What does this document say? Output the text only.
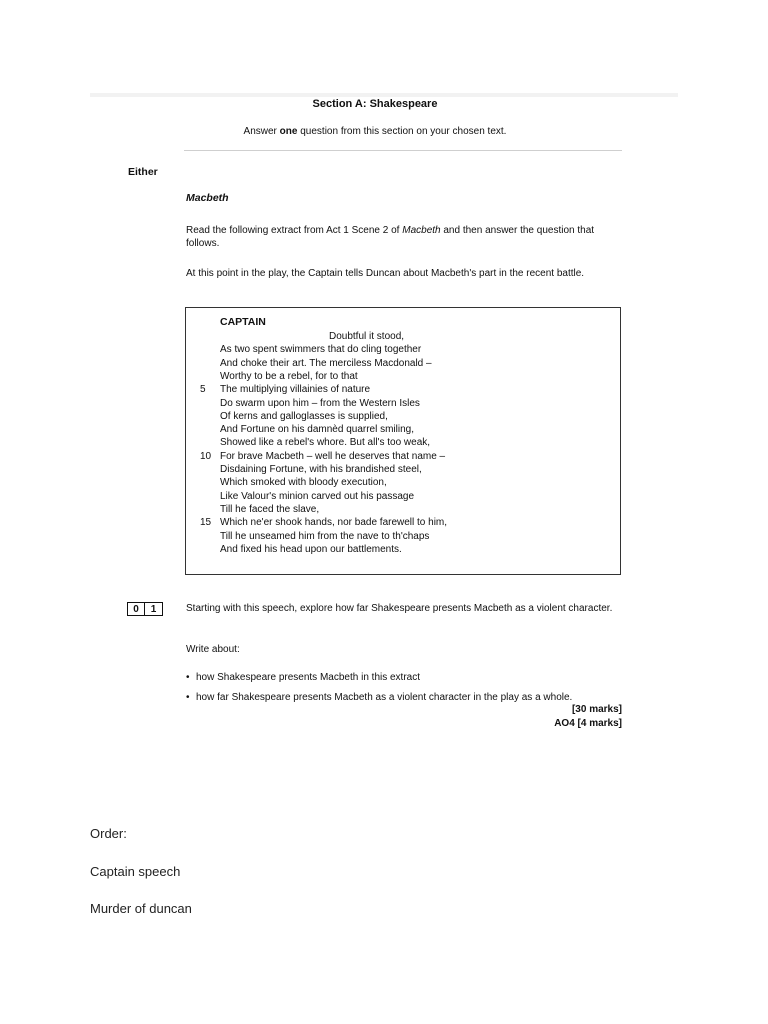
Section A: Shakespeare
Answer one question from this section on your chosen text.
Either
Macbeth
Read the following extract from Act 1 Scene 2 of Macbeth and then answer the question that follows.
At this point in the play, the Captain tells Duncan about Macbeth's part in the recent battle.
CAPTAIN
Doubtful it stood,
As two spent swimmers that do cling together
And choke their art. The merciless Macdonald –
Worthy to be a rebel, for to that
5 The multiplying villainies of nature
Do swarm upon him – from the Western Isles
Of kerns and galloglasses is supplied,
And Fortune on his damnèd quarrel smiling,
Showed like a rebel's whore. But all's too weak,
10 For brave Macbeth – well he deserves that name –
Disdaining Fortune, with his brandished steel,
Which smoked with bloody execution,
Like Valour's minion carved out his passage
Till he faced the slave,
15 Which ne'er shook hands, nor bade farewell to him,
Till he unseamed him from the nave to th'chaps
And fixed his head upon our battlements.
0	1	Starting with this speech, explore how far Shakespeare presents Macbeth as a violent character.
Write about:
• how Shakespeare presents Macbeth in this extract
• how far Shakespeare presents Macbeth as a violent character in the play as a whole.
[30 marks]
AO4 [4 marks]
Order:
Captain speech
Murder of duncan
